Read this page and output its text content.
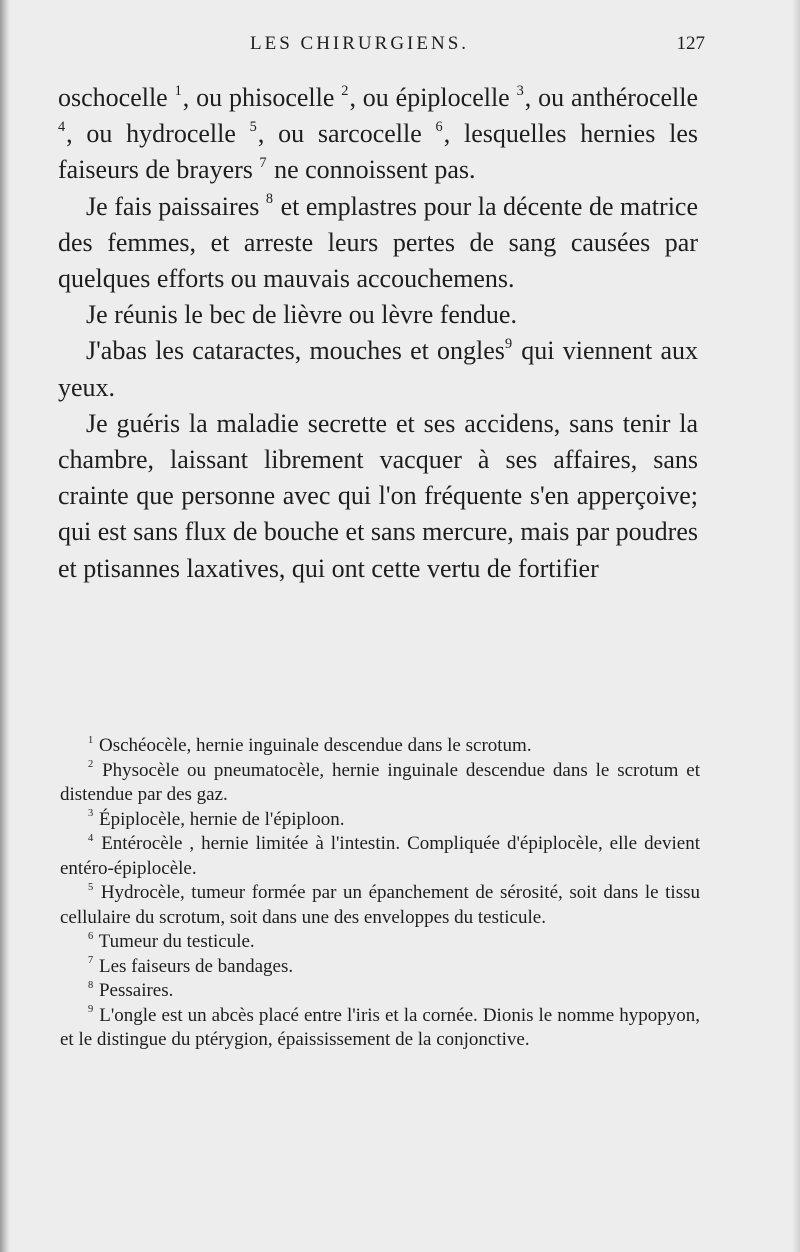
LES CHIRURGIENS.	127

oschocelle $^1$, ou phisocelle $^2$, ou épiplocelle $^3$, ou anthérocelle $^4$, ou hydrocelle $^5$, ou sarcocelle $^6$, lesquelles hernies les faiseurs de brayers $^7$ ne connoissent pas.

Je fais paissaires $^8$ et emplastres pour la décente de matrice des femmes, et arreste leurs pertes de sang causées par quelques efforts ou mauvais accouchemens.

Je réunis le bec de lièvre ou lèvre fendue.

J'abas les cataractes, mouches et ongles$^9$ qui viennent aux yeux.

Je guéris la maladie secrette et ses accidens, sans tenir la chambre, laissant librement vacquer à ses affaires, sans crainte que personne avec qui l'on fréquente s'en apperçoive; qui est sans flux de bouche et sans mercure, mais par poudres et ptisannes laxatives, qui ont cette vertu de fortifier

$^1$ Oschéocèle, hernie inguinale descendue dans le scrotum.

$^2$ Physocèle ou pneumatocèle, hernie inguinale descendue dans le scrotum et distendue par des gaz.

$^3$ Épiplocèle, hernie de l'épiploon.

$^4$ Entérocèle , hernie limitée à l'intestin. Compliquée d'épiplocèle, elle devient entéro-épiplocèle.

$^5$ Hydrocèle, tumeur formée par un épanchement de sérosité, soit dans le tissu cellulaire du scrotum, soit dans une des enveloppes du testicule.

$^6$ Tumeur du testicule.

$^7$ Les faiseurs de bandages.

$^8$ Pessaires.

$^9$ L'ongle est un abcès placé entre l'iris et la cornée. Dionis le nomme hypopyon, et le distingue du ptérygion, épaississement de la conjonctive.
